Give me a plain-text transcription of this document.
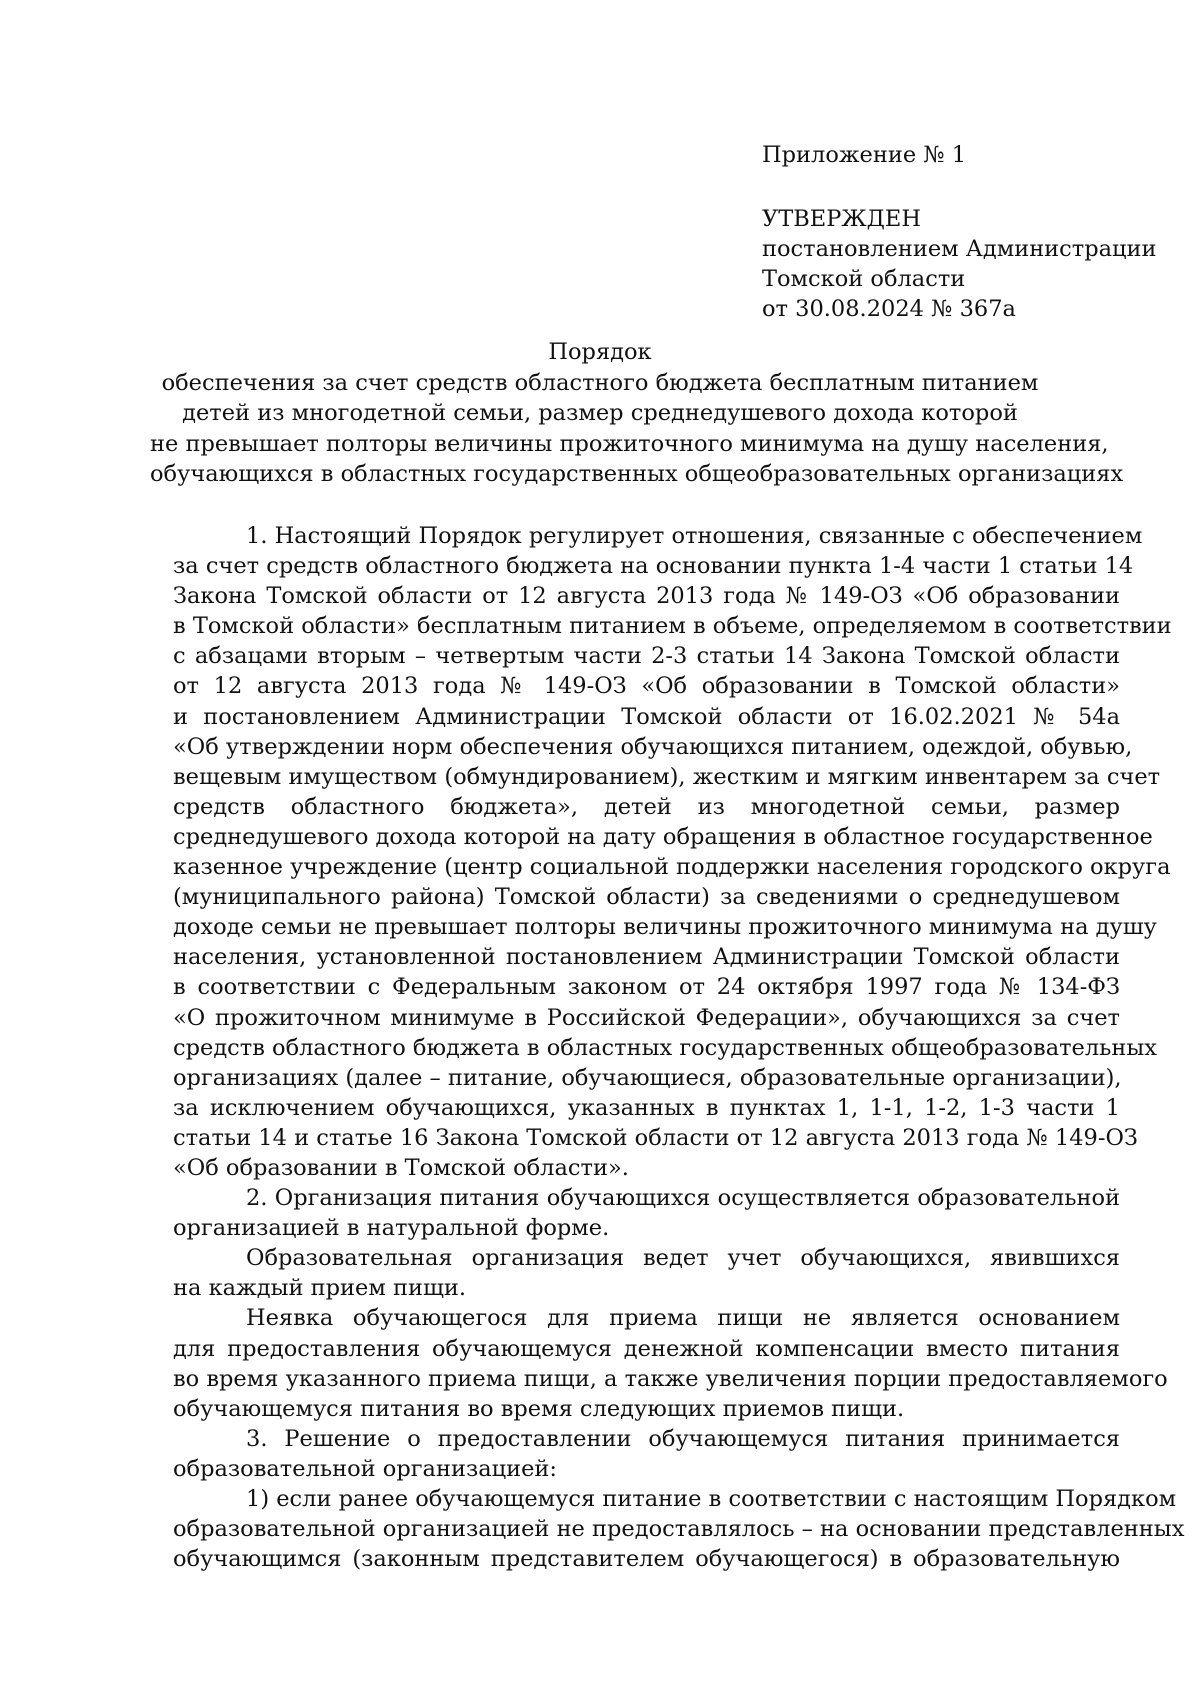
Приложение № 1
УТВЕРЖДЕН
постановлением Администрации
Томской области
от 30.08.2024 № 367а
Порядок
обеспечения за счет средств областного бюджета бесплатным питанием
детей из многодетной семьи, размер среднедушевого дохода которой
не превышает полторы величины прожиточного минимума на душу населения,
обучающихся в областных государственных общеобразовательных организациях
1. Настоящий Порядок регулирует отношения, связанные с обеспечением
за счет средств областного бюджета на основании пункта 1-4 части 1 статьи 14
Закона Томской области от 12 августа 2013 года № 149-ОЗ «Об образовании
в Томской области» бесплатным питанием в объеме, определяемом в соответствии
с абзацами вторым – четвертым части 2-3 статьи 14 Закона Томской области
от 12 августа 2013 года № 149-ОЗ «Об образовании в Томской области»
и постановлением Администрации Томской области от 16.02.2021 № 54а
«Об утверждении норм обеспечения обучающихся питанием, одеждой, обувью,
вещевым имуществом (обмундированием), жестким и мягким инвентарем за счет
средств областного бюджета», детей из многодетной семьи, размер
среднедушевого дохода которой на дату обращения в областное государственное
казенное учреждение (центр социальной поддержки населения городского округа
(муниципального района) Томской области) за сведениями о среднедушевом
доходе семьи не превышает полторы величины прожиточного минимума на душу
населения, установленной постановлением Администрации Томской области
в соответствии с Федеральным законом от 24 октября 1997 года № 134-ФЗ
«О прожиточном минимуме в Российской Федерации», обучающихся за счет
средств областного бюджета в областных государственных общеобразовательных
организациях (далее – питание, обучающиеся, образовательные организации),
за исключением обучающихся, указанных в пунктах 1, 1-1, 1-2, 1-3 части 1
статьи 14 и статье 16 Закона Томской области от 12 августа 2013 года № 149-ОЗ
«Об образовании в Томской области».
2. Организация питания обучающихся осуществляется образовательной
организацией в натуральной форме.
Образовательная организация ведет учет обучающихся, явившихся
на каждый прием пищи.
Неявка обучающегося для приема пищи не является основанием
для предоставления обучающемуся денежной компенсации вместо питания
во время указанного приема пищи, а также увеличения порции предоставляемого
обучающемуся питания во время следующих приемов пищи.
3. Решение о предоставлении обучающемуся питания принимается
образовательной организацией:
1) если ранее обучающемуся питание в соответствии с настоящим Порядком
образовательной организацией не предоставлялось – на основании представленных
обучающимся (законным представителем обучающегося) в образовательную
